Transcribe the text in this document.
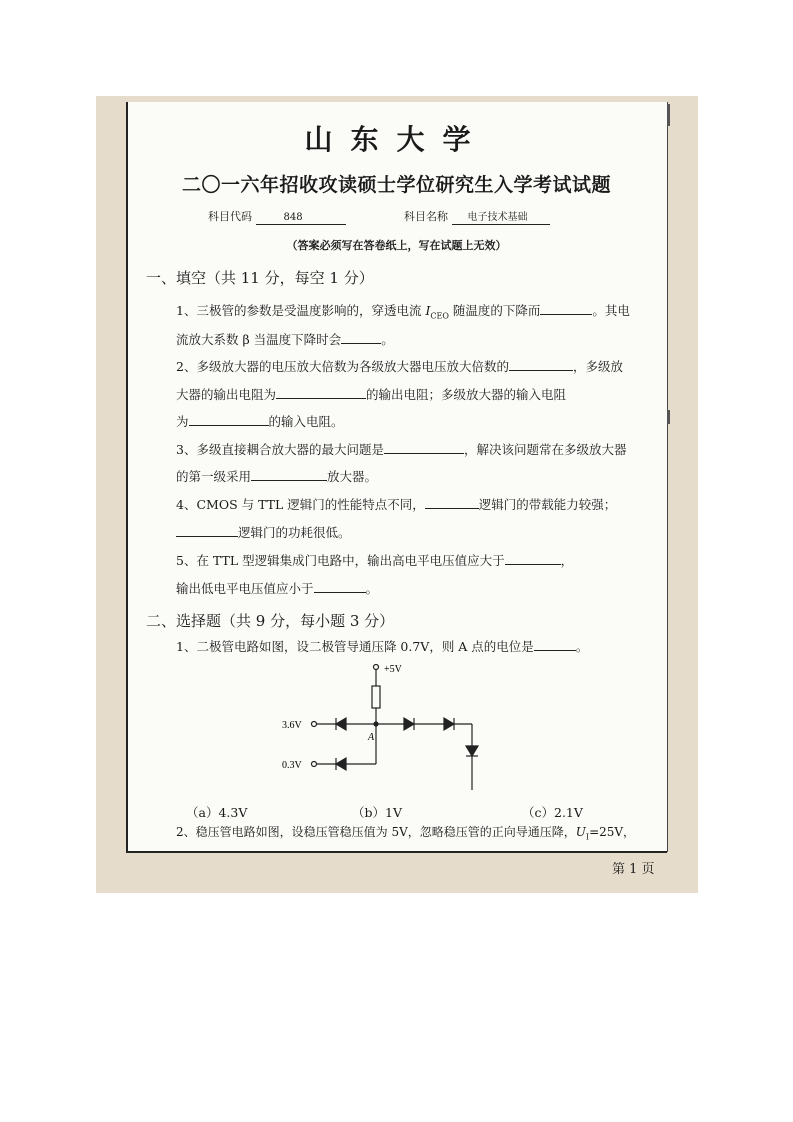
山东大学
二〇一六年招收攻读硕士学位研究生入学考试试题
科目代码	848	科目名称 电子技术基础
（答案必须写在答卷纸上，写在试题上无效）
一、填空（共 11 分，每空 1 分）
1、三极管的参数是受温度影响的，穿透电流 $I_{CEO}$ 随温度的下降而	。其电
流放大系数 β 当温度下降时会	。
2、多级放大器的电压放大倍数为各级放大器电压放大倍数的	，多级放
大器的输出电阻为	的输出电阻；多级放大器的输入电阻
为	的输入电阻。
3、多级直接耦合放大器的最大问题是	，解决该问题常在多级放大器
的第一级采用	放大器。
4、CMOS 与 TTL 逻辑门的性能特点不同，	逻辑门的带载能力较强；
逻辑门的功耗很低。
5、在 TTL 型逻辑集成门电路中，输出高电平电压值应大于	，
输出低电平电压值应小于	。
二、选择题（共 9 分，每小题 3 分）
1、二极管电路如图，设二极管导通压降 0.7V，则 A 点的电位是	。
+5V
3.6V
0.3V
A
（a）4.3V	（b）1V	（c）2.1V
2、稳压管电路如图，设稳压管稳压值为 5V，忽略稳压管的正向导通压降，$U_I=25V$，
第 1 页
